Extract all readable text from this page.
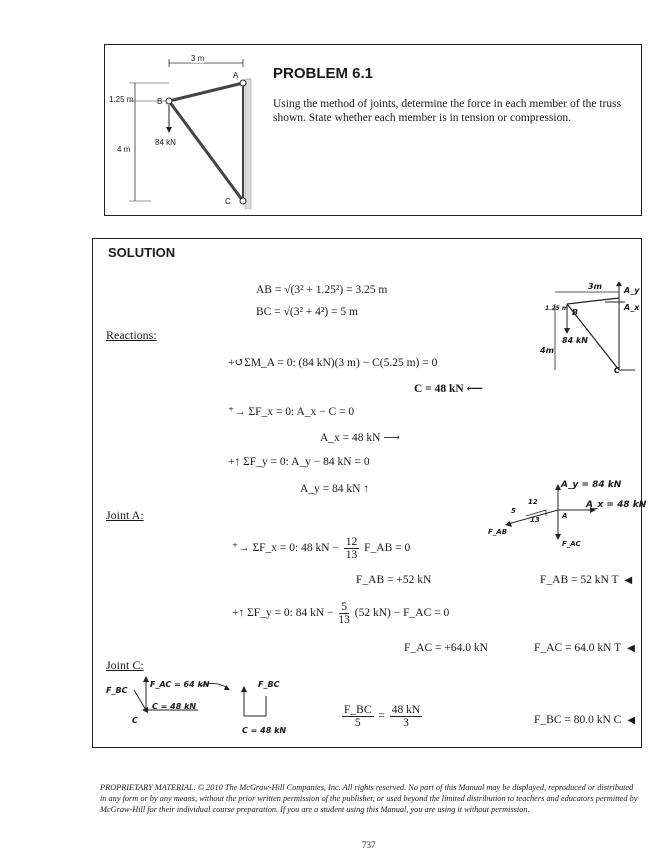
3 m
1.25 m
4 m
84 kN
A
B
C
PROBLEM 6.1
Using the method of joints, determine the force in each member of the truss shown. State whether each member is in tension or compression.
SOLUTION
AB = √(3² + 1.25²) = 3.25 m
BC = √(3² + 4²) = 5 m
3m
1.25 m
4m
84 kN
A_y
A_x
B
C
Reactions:
+↺ΣM_A = 0: (84 kN)(3 m) − C(5.25 m) = 0
C = 48 kN ⟵
⁺→ ΣF_x = 0: A_x − C = 0
A_x = 48 kN ⟶
+↑ ΣF_y = 0: A_y − 84 kN = 0
A_y = 84 kN ↑
Joint A:
A_y = 84 kN
A_x = 48 kN
12
5
13
F_AB
F_AC
A
⁺→ ΣF_x = 0: 48 kN − $\frac{12}{13}$ F_AB = 0
F_AB = +52 kN	F_AB = 52 kN T ◀
+↑ ΣF_y = 0: 84 kN − $\frac{5}{13} (52$ kN) − F_AC = 0
F_AC = +64.0 kN	F_AC = 64.0 kN T ◀
Joint C:
F_AC = 64 kN
F_BC
C
C = 48 kN
F_BC
C = 48 kN
$\frac{F\_BC}{5} = \frac{48 kN}{3}$	F_BC = 80.0 kN C ◀
PROPRIETARY MATERIAL. © 2010 The McGraw-Hill Companies, Inc. All rights reserved. No part of this Manual may be displayed, reproduced or distributed in any form or by any means, without the prior written permission of the publisher, or used beyond the limited distribution to teachers and educators permitted by McGraw-Hill for their individual course preparation. If you are a student using this Manual, you are using it without permission.
737
